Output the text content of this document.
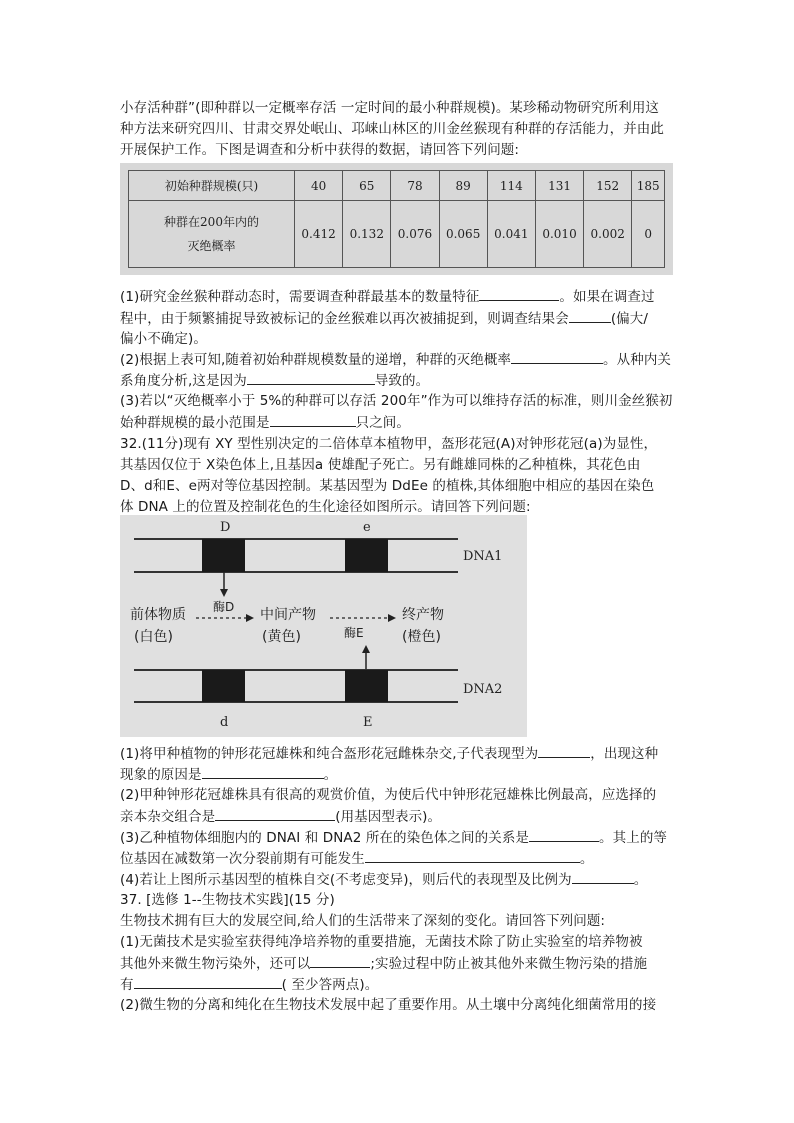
小存活种群”(即种群以一定概率存活 一定时间的最小种群规模)。某珍稀动物研究所利用这
种方法来研究四川、甘肃交界处岷山、邛崃山林区的川金丝猴现有种群的存活能力，并由此
开展保护工作。下图是调查和分析中获得的数据，请回答下列问题:
初始种群规模(只)	40	65	78	89	114	131	152	185

种群在200年内的
灭绝概率	0.412	0.132	0.076	0.065	0.041	0.010	0.002	0
(1)研究金丝猴种群动态时，需要调查种群最基本的数量特征	。如果在调查过
程中，由于频繁捕捉导致被标记的金丝猴难以再次被捕捉到，则调查结果会	(偏大/
偏小不确定)。
(2)根据上表可知,随着初始种群规模数量的递增，种群的灭绝概率	。从种内关
系角度分析,这是因为	导致的。
(3)若以“灭绝概率小于 5%的种群可以存活 200年”作为可以维持存活的标准，则川金丝猴初
始种群规模的最小范围是	只之间。
32.(11分)现有 XY 型性别决定的二倍体草本植物甲，盔形花冠(A)对钟形花冠(a)为显性，
其基因仅位于 X染色体上,且基因a 使雄配子死亡。另有雌雄同株的乙种植株，其花色由
D、d和E、e两对等位基因控制。某基因型为 DdEe 的植株,其体细胞中相应的基因在染色
体 DNA 上的位置及控制花色的生化途径如图所示。请回答下列问题:
D	e
DNA1
前体物质
(白色)
酶D 中间产物
(黄色)	酶E
终产物
(橙色)
DNA2
d	E
(1)将甲种植物的钟形花冠雄株和纯合盔形花冠雌株杂交,子代表现型为	，出现这种
现象的原因是	。
(2)甲种钟形花冠雄株具有很高的观赏价值，为使后代中钟形花冠雄株比例最高，应选择的
亲本杂交组合是	(用基因型表示)。
(3)乙种植物体细胞内的 DNAI 和 DNA2 所在的染色体之间的关系是	。其上的等
位基因在减数第一次分裂前期有可能发生	。
(4)若让上图所示基因型的植株自交(不考虑变异)，则后代的表现型及比例为	。
37. [选修 1--生物技术实践](15 分)
生物技术拥有巨大的发展空间,给人们的生活带来了深刻的变化。请回答下列问题:
(1)无菌技术是实验室获得纯净培养物的重要措施，无菌技术除了防止实验室的培养物被
其他外来微生物污染外，还可以	;实验过程中防止被其他外来微生物污染的措施
有	( 至少答两点)。
(2)微生物的分离和纯化在生物技术发展中起了重要作用。从土壤中分离纯化细菌常用的接
